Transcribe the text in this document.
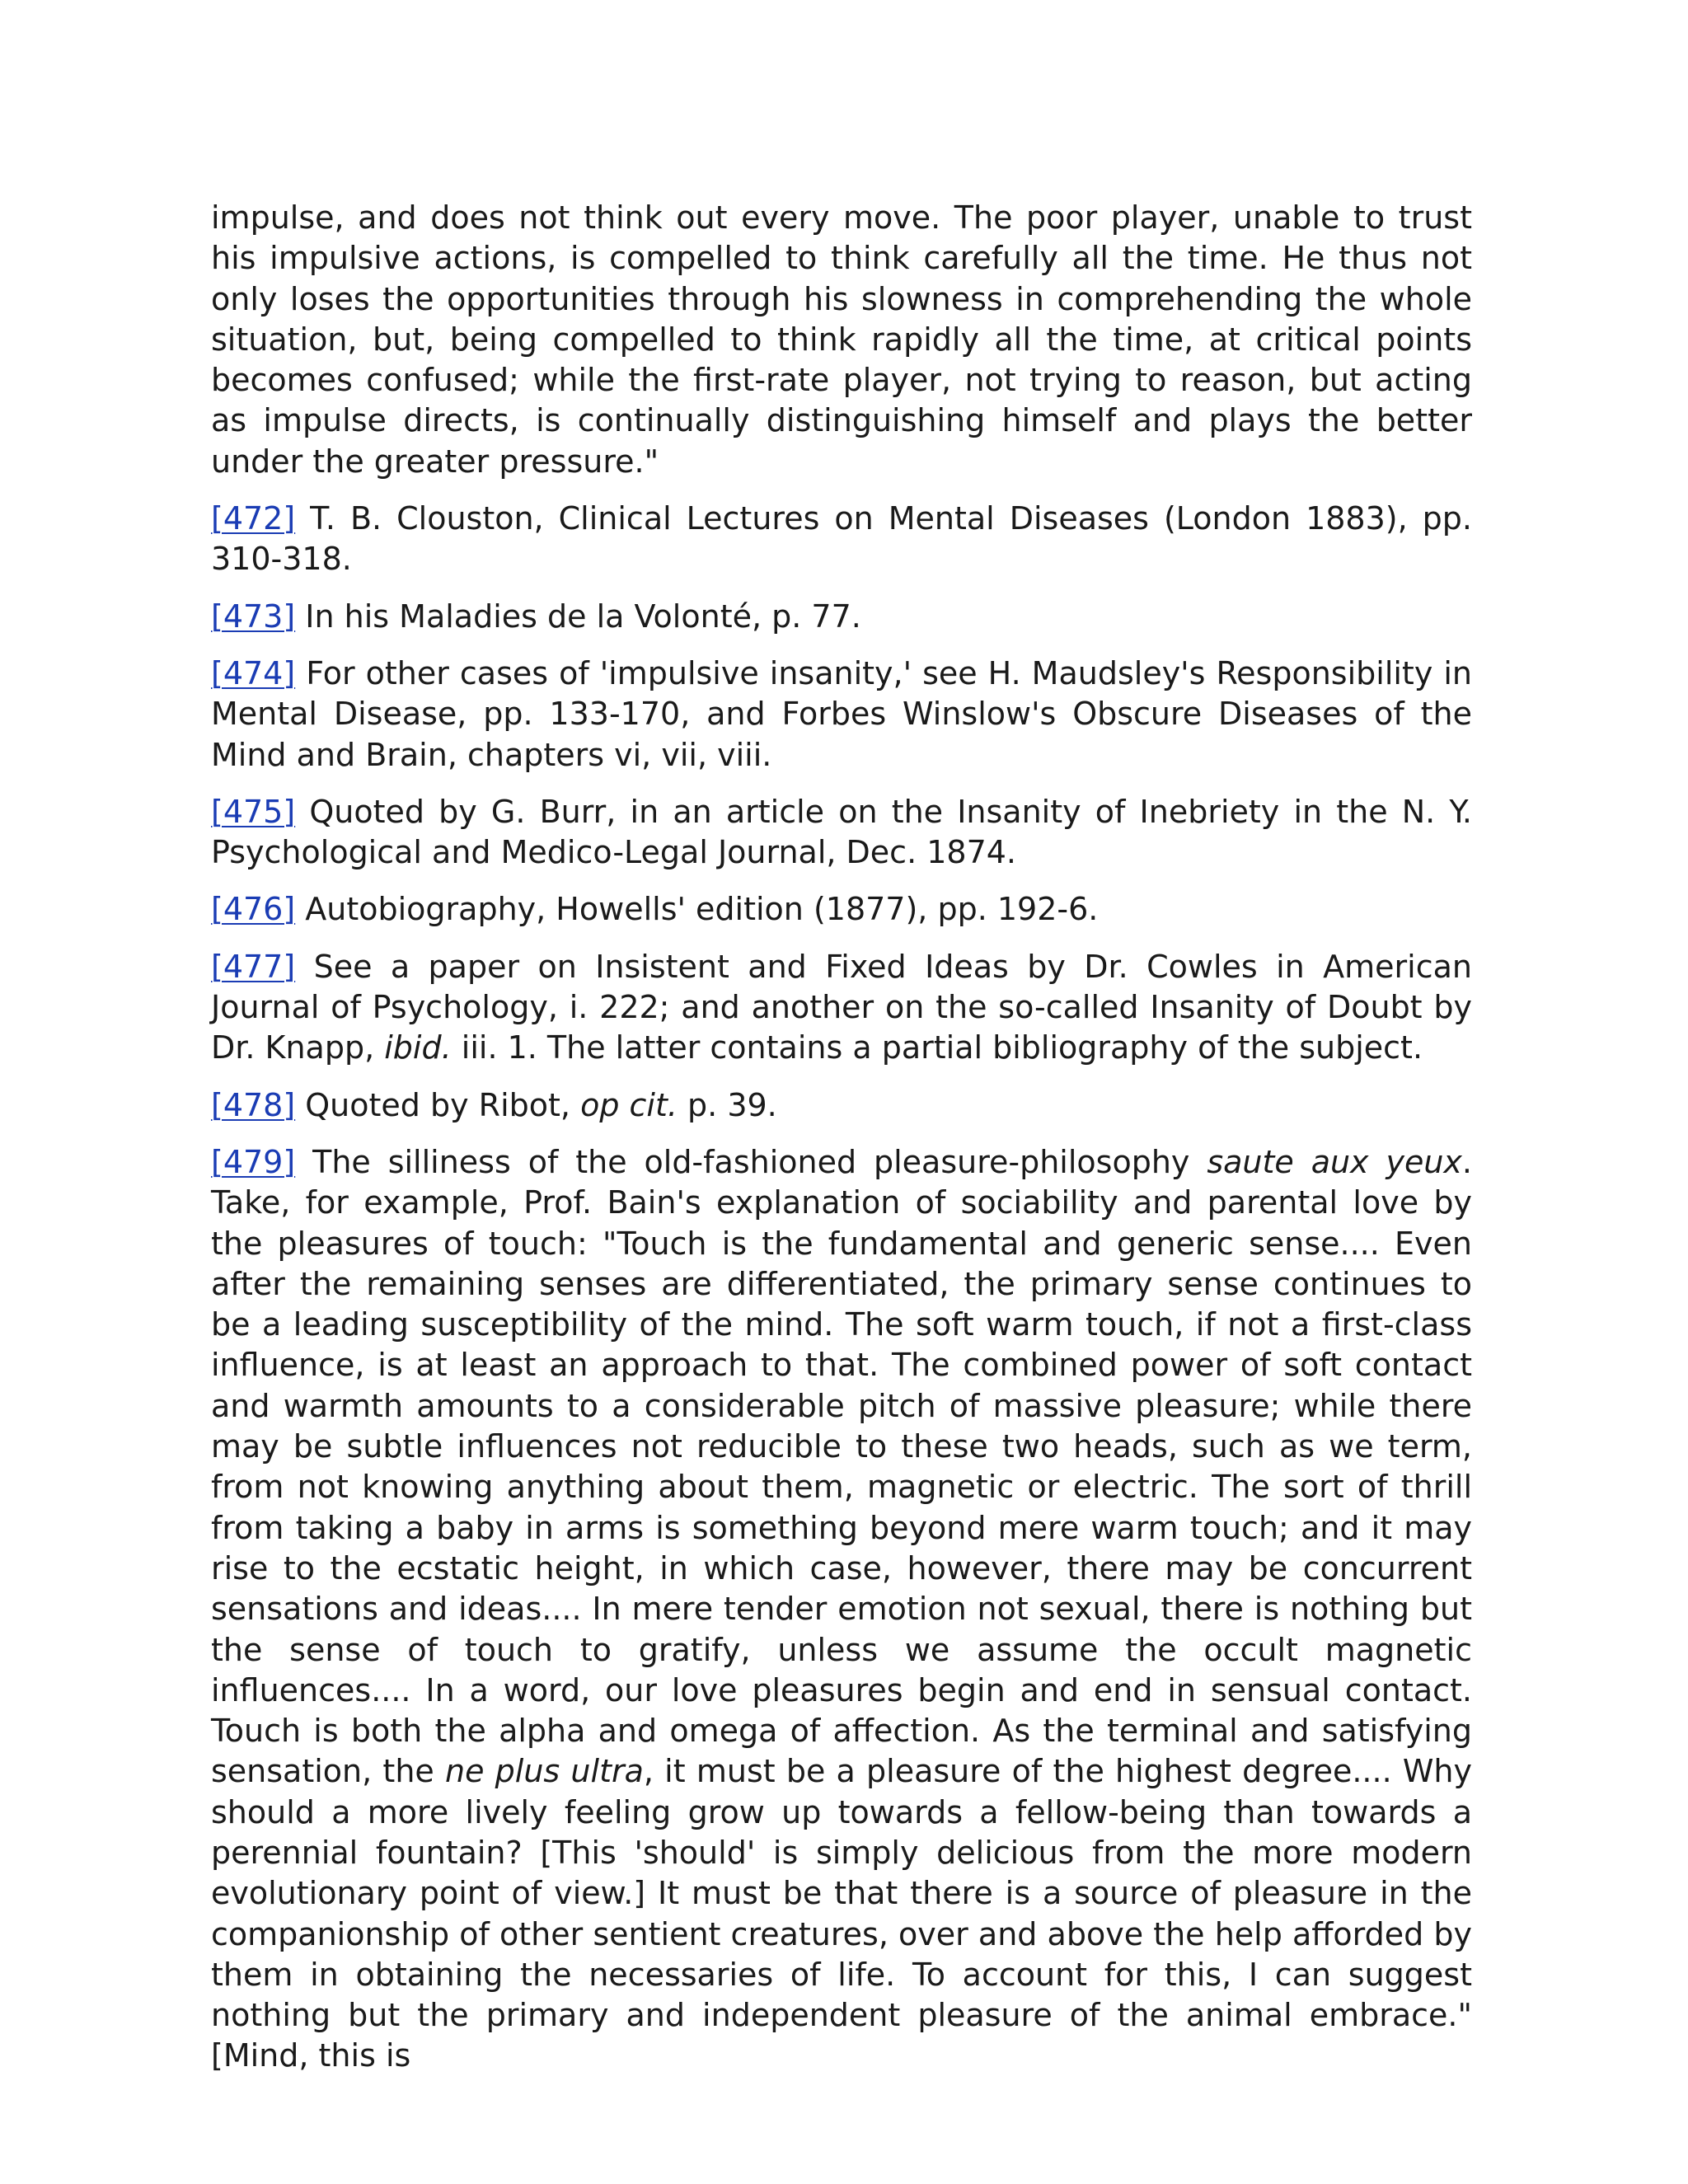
impulse, and does not think out every move. The poor player, unable to trust his impulsive actions, is compelled to think carefully all the time. He thus not only loses the opportunities through his slowness in comprehending the whole situation, but, being compelled to think rapidly all the time, at critical points becomes confused; while the first-rate player, not trying to reason, but acting as impulse directs, is continually distinguishing himself and plays the better under the greater pressure."

[472] T. B. Clouston, Clinical Lectures on Mental Diseases (London 1883), pp. 310-318.

[473] In his Maladies de la Volonté, p. 77.

[474] For other cases of 'impulsive insanity,' see H. Maudsley's Responsibility in Mental Disease, pp. 133-170, and Forbes Winslow's Obscure Diseases of the Mind and Brain, chapters vi, vii, viii.

[475] Quoted by G. Burr, in an article on the Insanity of Inebriety in the N. Y. Psychological and Medico-Legal Journal, Dec. 1874.

[476] Autobiography, Howells' edition (1877), pp. 192-6.

[477] See a paper on Insistent and Fixed Ideas by Dr. Cowles in American Journal of Psychology, i. 222; and another on the so-called Insanity of Doubt by Dr. Knapp, ibid. iii. 1. The latter contains a partial bibliography of the subject.

[478] Quoted by Ribot, op cit. p. 39.

[479] The silliness of the old-fashioned pleasure-philosophy saute aux yeux. Take, for example, Prof. Bain's explanation of sociability and parental love by the pleasures of touch: "Touch is the fundamental and generic sense.... Even after the remaining senses are differentiated, the primary sense continues to be a leading susceptibility of the mind. The soft warm touch, if not a first-class influence, is at least an approach to that. The combined power of soft contact and warmth amounts to a considerable pitch of massive pleasure; while there may be subtle influences not reducible to these two heads, such as we term, from not knowing anything about them, magnetic or electric. The sort of thrill from taking a baby in arms is something beyond mere warm touch; and it may rise to the ecstatic height, in which case, however, there may be concurrent sensations and ideas.... In mere tender emotion not sexual, there is nothing but the sense of touch to gratify, unless we assume the occult magnetic influences.... In a word, our love pleasures begin and end in sensual contact. Touch is both the alpha and omega of affection. As the terminal and satisfying sensation, the ne plus ultra, it must be a pleasure of the highest degree.... Why should a more lively feeling grow up towards a fellow-being than towards a perennial fountain? [This 'should' is simply delicious from the more modern evolutionary point of view.] It must be that there is a source of pleasure in the companionship of other sentient creatures, over and above the help afforded by them in obtaining the necessaries of life. To account for this, I can suggest nothing but the primary and independent pleasure of the animal embrace." [Mind, this is
